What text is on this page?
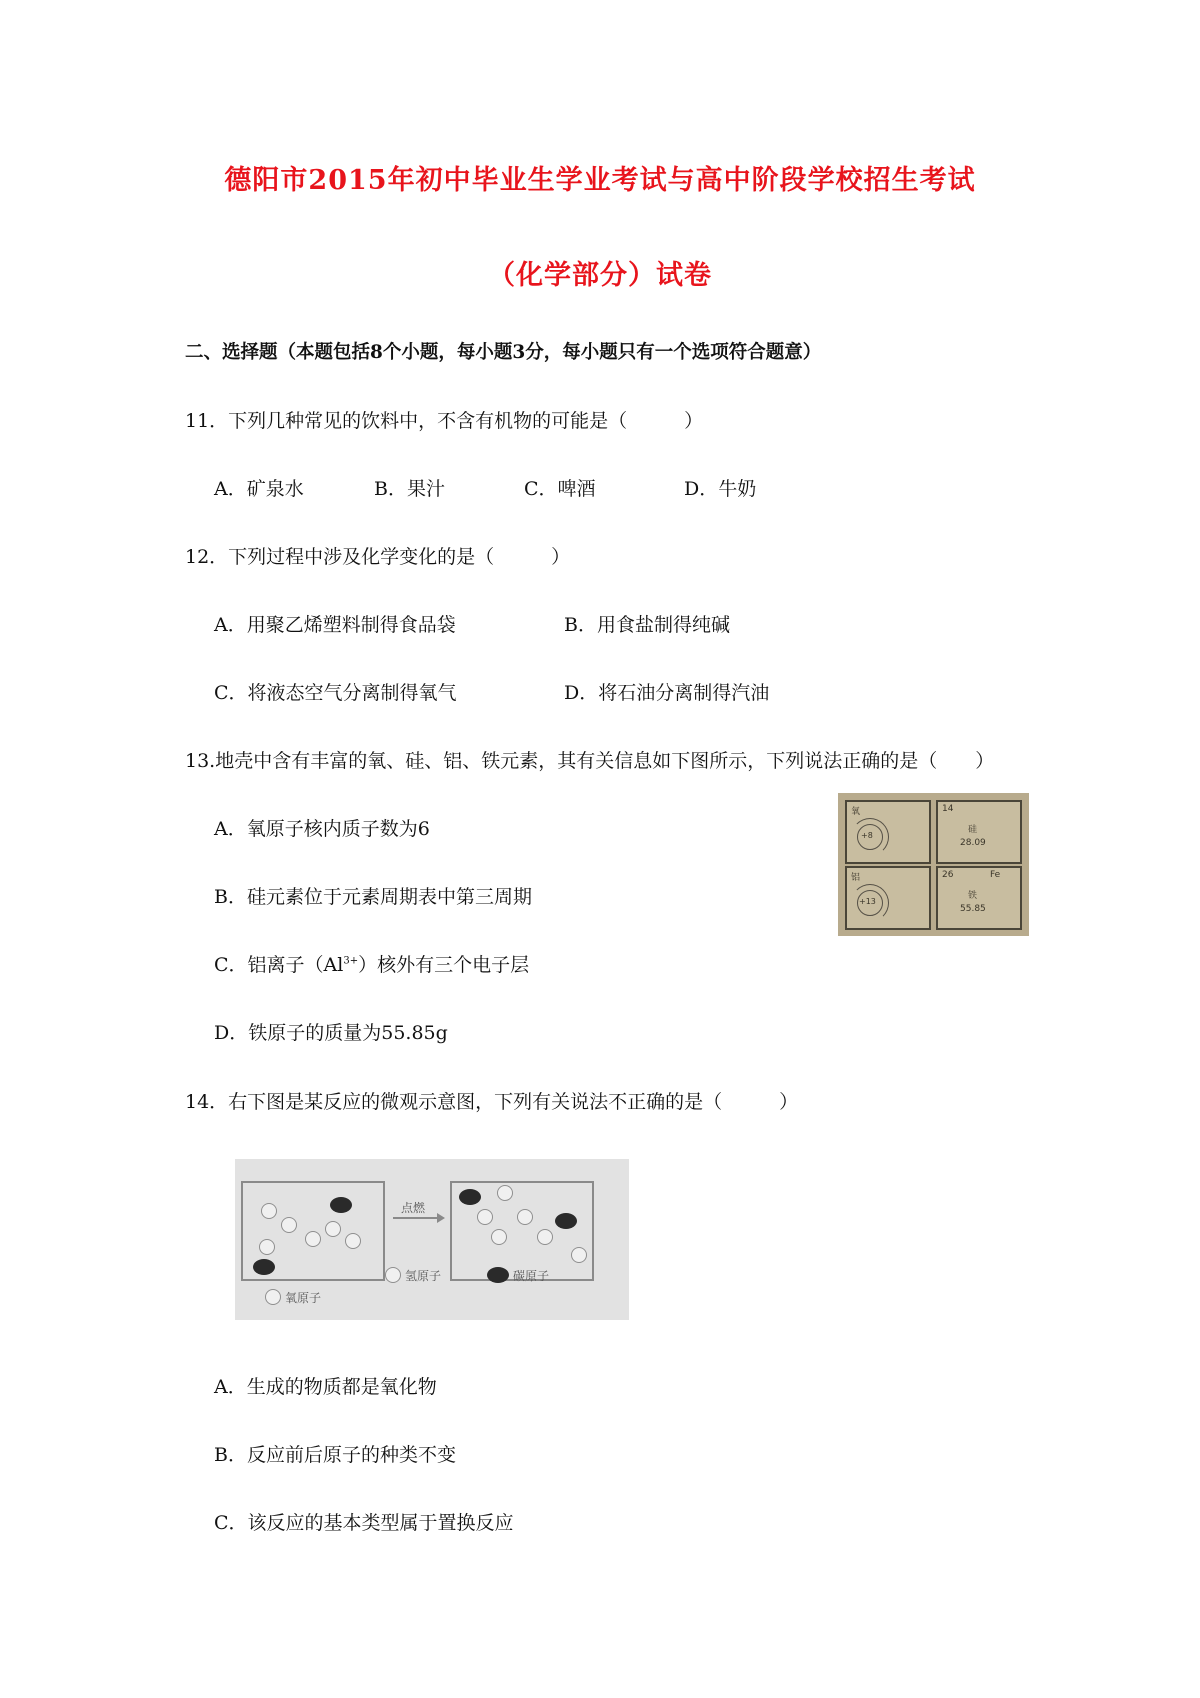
德阳市2015年初中毕业生学业考试与高中阶段学校招生考试
（化学部分）试卷
二、选择题（本题包括8个小题，每小题3分，每小题只有一个选项符合题意）
11．下列几种常见的饮料中，不含有机物的可能是（　　　）
A．矿泉水	B．果汁	C．啤酒	D．牛奶
12．下列过程中涉及化学变化的是（　　　）
A．用聚乙烯塑料制得食品袋	B．用食盐制得纯碱
C．将液态空气分离制得氧气	D．将石油分离制得汽油
13.地壳中含有丰富的氧、硅、铝、铁元素，其有关信息如下图所示，下列说法正确的是（　　）
A．氧原子核内质子数为6
B．硅元素位于元素周期表中第三周期
C．铝离子$(Al^{3+})$核外有三个电子层
D．铁原子的质量为55.85g
氧
+8
14
硅
28.09
铝
+13
26	Fe
铁
55.85
14．右下图是某反应的微观示意图，下列有关说法不正确的是（　　　）
点燃
氧原子
氢原子	碳原子
A．生成的物质都是氧化物
B．反应前后原子的种类不变
C．该反应的基本类型属于置换反应
